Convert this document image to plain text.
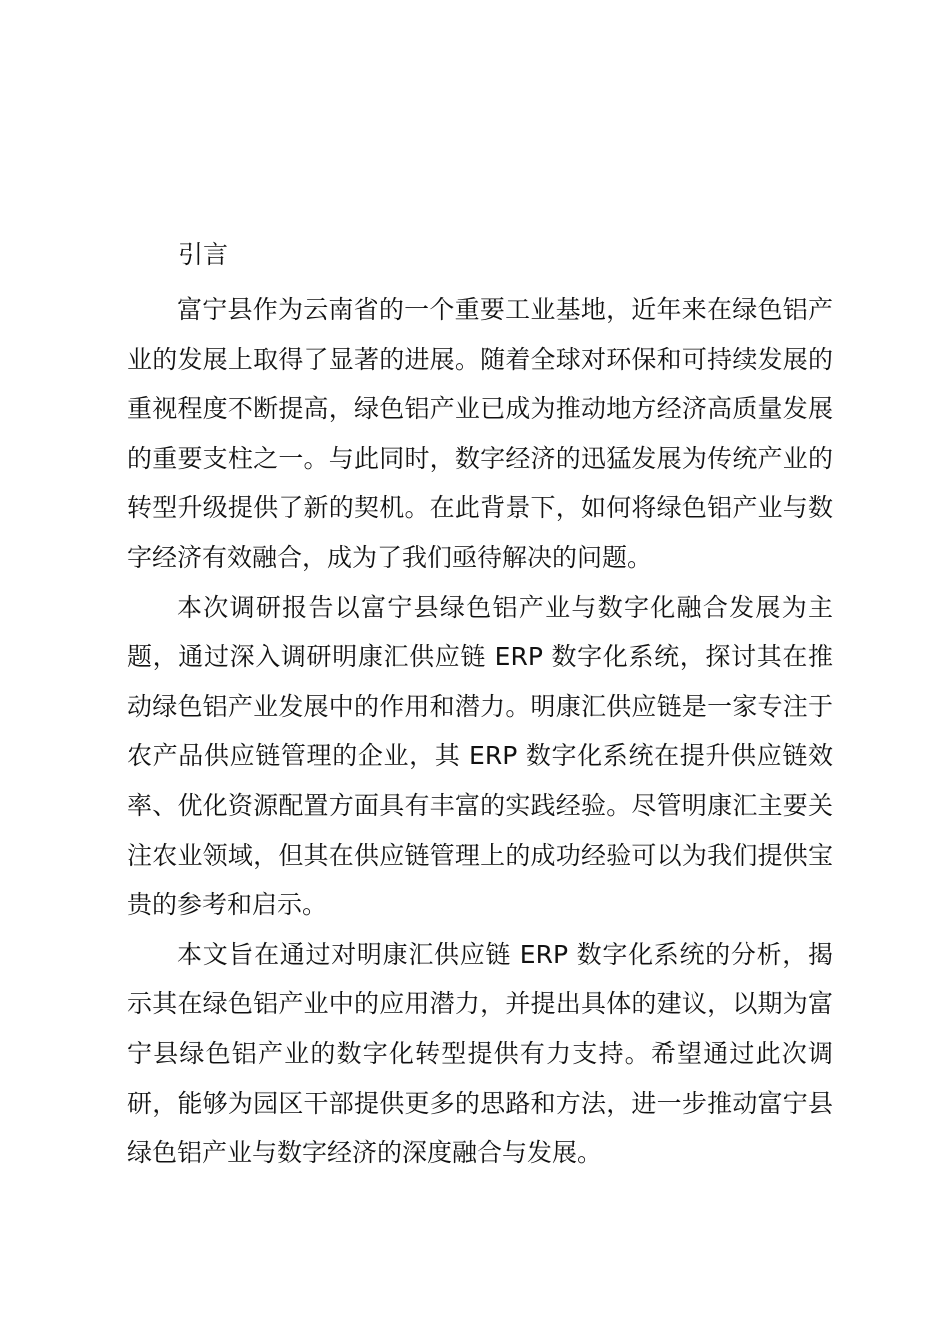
引言

富宁县作为云南省的一个重要工业基地，近年来在绿色铝产业的发展上取得了显著的进展。随着全球对环保和可持续发展的重视程度不断提高，绿色铝产业已成为推动地方经济高质量发展的重要支柱之一。与此同时，数字经济的迅猛发展为传统产业的转型升级提供了新的契机。在此背景下，如何将绿色铝产业与数字经济有效融合，成为了我们亟待解决的问题。

本次调研报告以富宁县绿色铝产业与数字化融合发展为主题，通过深入调研明康汇供应链 ERP 数字化系统，探讨其在推动绿色铝产业发展中的作用和潜力。明康汇供应链是一家专注于农产品供应链管理的企业，其 ERP 数字化系统在提升供应链效率、优化资源配置方面具有丰富的实践经验。尽管明康汇主要关注农业领域，但其在供应链管理上的成功经验可以为我们提供宝贵的参考和启示。

本文旨在通过对明康汇供应链 ERP 数字化系统的分析，揭示其在绿色铝产业中的应用潜力，并提出具体的建议，以期为富宁县绿色铝产业的数字化转型提供有力支持。希望通过此次调研，能够为园区干部提供更多的思路和方法，进一步推动富宁县绿色铝产业与数字经济的深度融合与发展。
